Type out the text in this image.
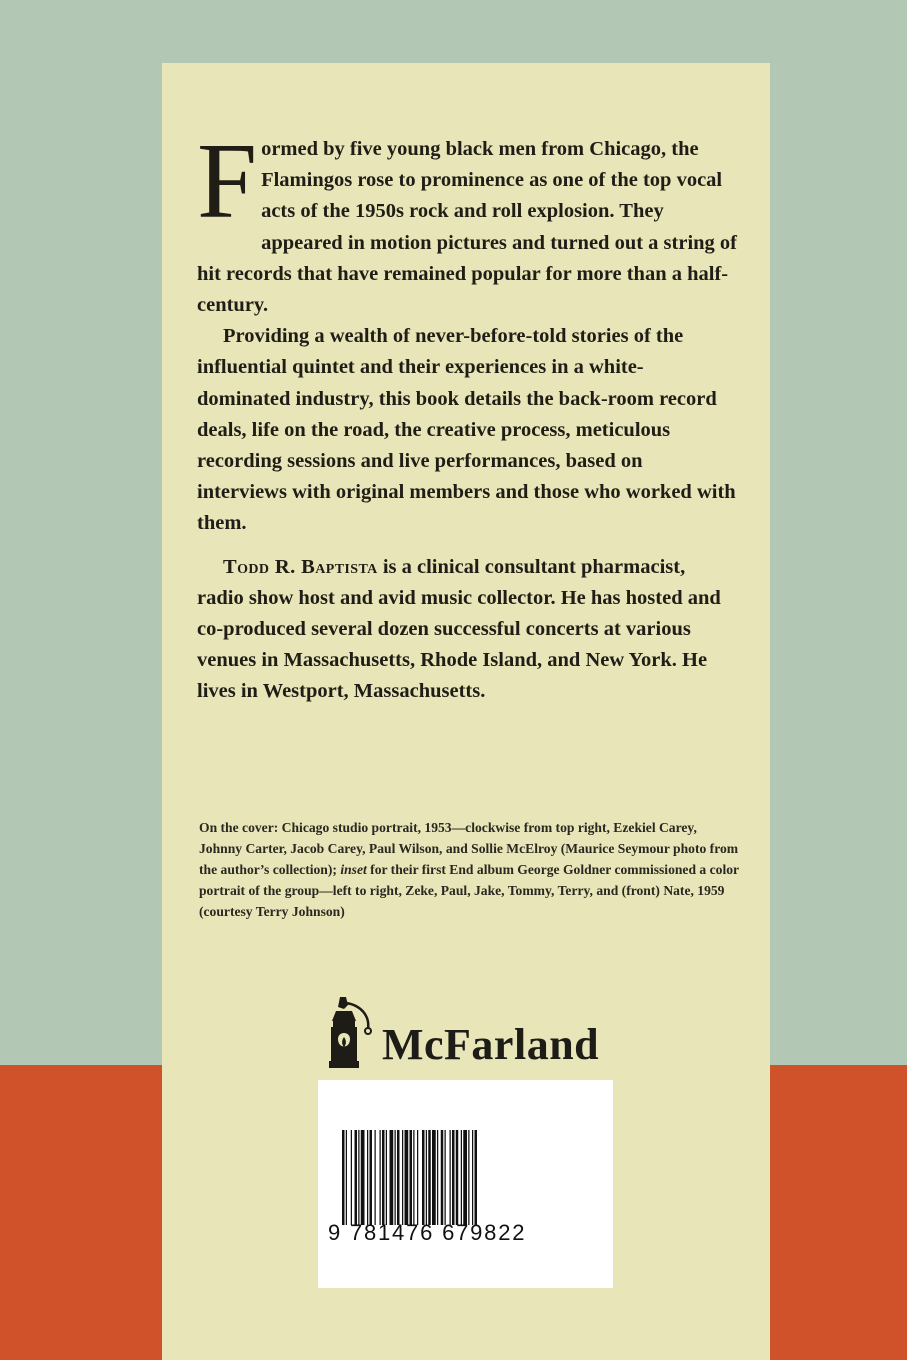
Formed by five young black men from Chicago, the Flamingos rose to prominence as one of the top vocal acts of the 1950s rock and roll explosion. They appeared in motion pictures and turned out a string of hit records that have remained popular for more than a half-century.

Providing a wealth of never-before-told stories of the influential quintet and their experiences in a white-dominated industry, this book details the back-room record deals, life on the road, the creative process, meticulous recording sessions and live performances, based on interviews with original members and those who worked with them.

Todd R. Baptista is a clinical consultant pharmacist, radio show host and avid music collector. He has hosted and co-produced several dozen successful concerts at various venues in Massachusetts, Rhode Island, and New York. He lives in Westport, Massachusetts.

On the cover: Chicago studio portrait, 1953—clockwise from top right, Ezekiel Carey, Johnny Carter, Jacob Carey, Paul Wilson, and Sollie McElroy (Maurice Seymour photo from the author’s collection); inset for their first End album George Goldner commissioned a color portrait of the group—left to right, Zeke, Paul, Jake, Tommy, Terry, and (front) Nate, 1959 (courtesy Terry Johnson)
McFarland
9 781476 679822
